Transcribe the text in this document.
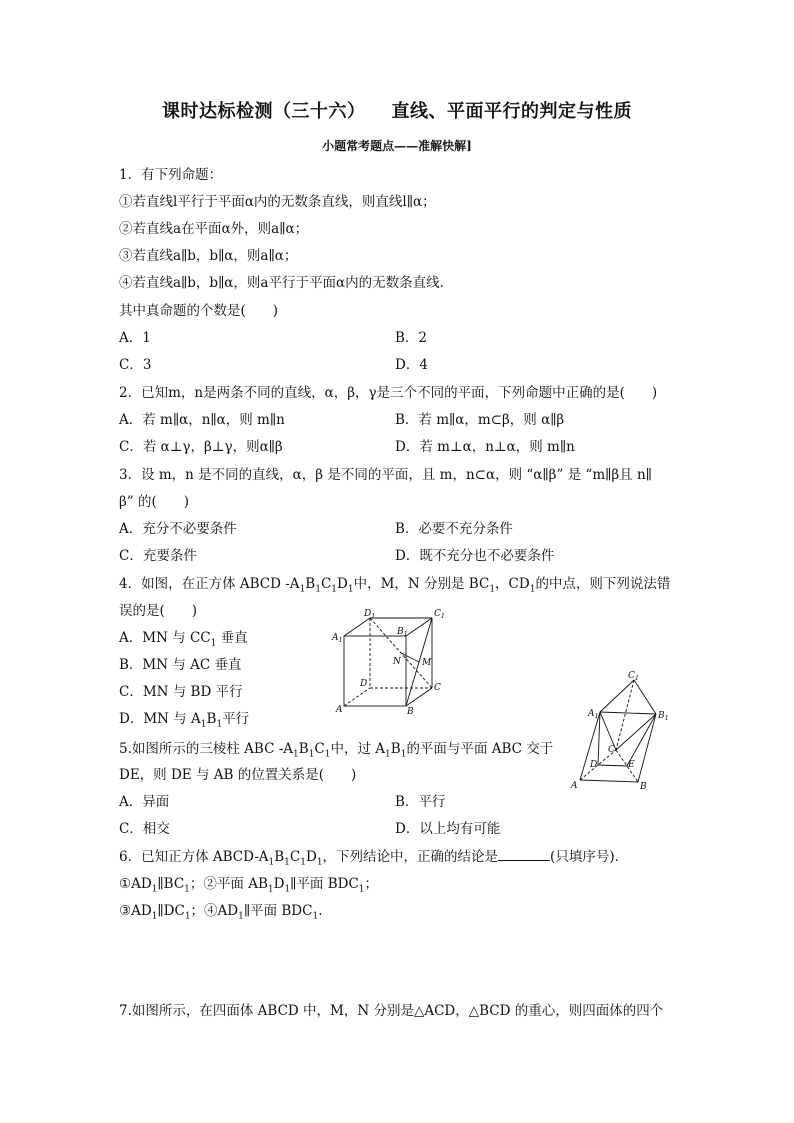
课时达标检测（三十六） 直线、平面平行的判定与性质
小题常考题点——准解快解]
1．有下列命题：
①若直线l平行于平面α内的无数条直线，则直线l∥α；
②若直线a在平面α外，则a∥α；
③若直线a∥b，b∥α，则a∥α；
④若直线a∥b，b∥α，则a平行于平面α内的无数条直线．
其中真命题的个数是(　　)
A．1	B．2
C．3	D．4
2．已知m，n是两条不同的直线，α，β，γ是三个不同的平面，下列命题中正确的是(　　)
A．若 m∥α，n∥α，则 m∥n	B．若 m∥α，m⊂β，则 α∥β
C．若 α⊥γ，β⊥γ，则α∥β	D．若 m⊥α，n⊥α，则 m∥n
3．设 m，n 是不同的直线，α，β 是不同的平面，且 m，n⊂α，则 “α∥β” 是 “m∥β且 n∥
β” 的(　　)
A．充分不必要条件	B．必要不充分条件
C．充要条件	D．既不充分也不必要条件
4．如图，在正方体 ABCD $-A_1B_1C_1D_1$中，M，N 分别是 $BC_1$，$CD_1$的中点，则下列说法错
误的是(　　)
A．MN 与 $CC_1$ 垂直
B．MN 与 AC 垂直
C．MN 与 BD 平行
D．MN 与 $A_1B_1$平行
$D_1$	$C_1$
$A_1$
$B_1$
N M
D	C
A	B
5.如图所示的三棱柱 ABC $-A_1B_1C_1$中，过 $A_1B_1$的平面与平面 ABC 交于
DE，则 DE 与 AB 的位置关系是(　　)
A．异面	B．平行
C．相交	D．以上均有可能
$C_1$
$A_1$	$B_1$
C
D	E
A	B
6．已知正方体 ABCD-$A_1B_1C_1D_1$，下列结论中，正确的结论是	(只填序号)．
$①AD_1\parallel BC_1$；②平面 $AB_1D_1\parallel$平面 $BDC_1$；
$③AD_1\parallel DC_1$；$④AD_1\parallel$平面 $BDC_1$.
7.如图所示，在四面体 ABCD 中，M，N 分别是△ACD，△BCD 的重心，则四面体的四个
